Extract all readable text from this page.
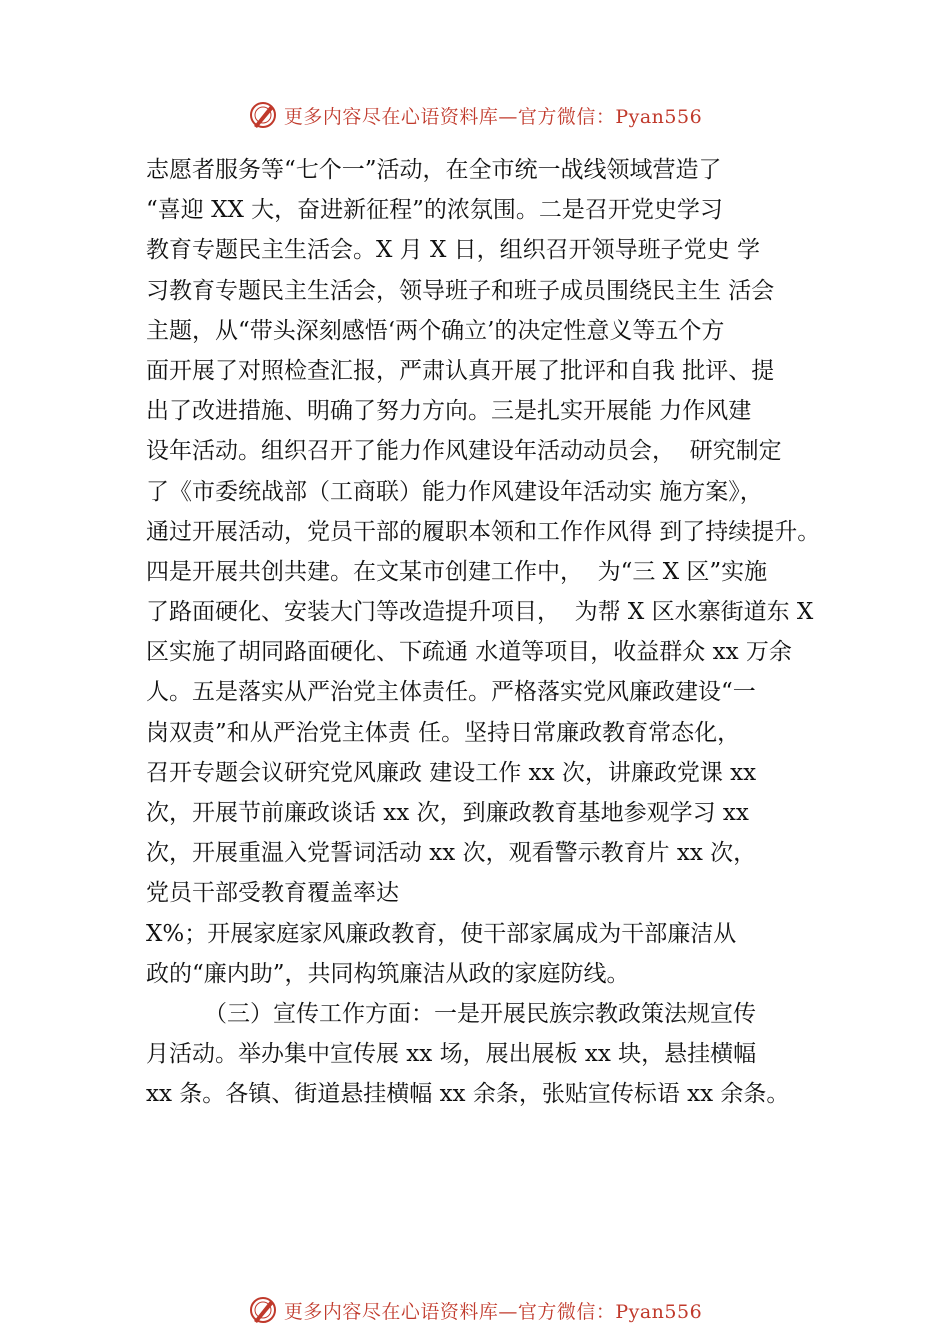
更多内容尽在心语资料库—官方微信：Pyan556
志愿者服务等“七个一”活动，在全市统一战线领域营造了
“喜迎 XX 大，奋进新征程”的浓氛围。二是召开党史学习
教育专题民主生活会。X 月 X 日，组织召开领导班子党史 学
习教育专题民主生活会，领导班子和班子成员围绕民主生 活会
主题，从“带头深刻感悟‘两个确立’的决定性意义等五个方
面开展了对照检查汇报，严肃认真开展了批评和自我 批评、提
出了改进措施、明确了努力方向。三是扎实开展能 力作风建
设年活动。组织召开了能力作风建设年活动动员会，  研究制定
了《市委统战部（工商联）能力作风建设年活动实 施方案》，
通过开展活动，党员干部的履职本领和工作作风得 到了持续提升。
四是开展共创共建。在文某市创建工作中，  为“三 X 区”实施
了路面硬化、安装大门等改造提升项目，  为帮 X 区水寨街道东 X
区实施了胡同路面硬化、下疏通 水道等项目，收益群众 xx 万余
人。五是落实从严治党主体责任。严格落实党风廉政建设“一
岗双责”和从严治党主体责 任。坚持日常廉政教育常态化，
召开专题会议研究党风廉政 建设工作 xx 次，讲廉政党课 xx
次，开展节前廉政谈话 xx 次，到廉政教育基地参观学习 xx
次，开展重温入党誓词活动 xx 次，观看警示教育片 xx 次，
党员干部受教育覆盖率达
X%；开展家庭家风廉政教育，使干部家属成为干部廉洁从
政的“廉内助”，共同构筑廉洁从政的家庭防线。
（三）宣传工作方面：一是开展民族宗教政策法规宣传
月活动。举办集中宣传展 xx 场，展出展板 xx 块，悬挂横幅
xx 条。各镇、街道悬挂横幅 xx 余条，张贴宣传标语 xx 余条。
更多内容尽在心语资料库—官方微信：Pyan556
